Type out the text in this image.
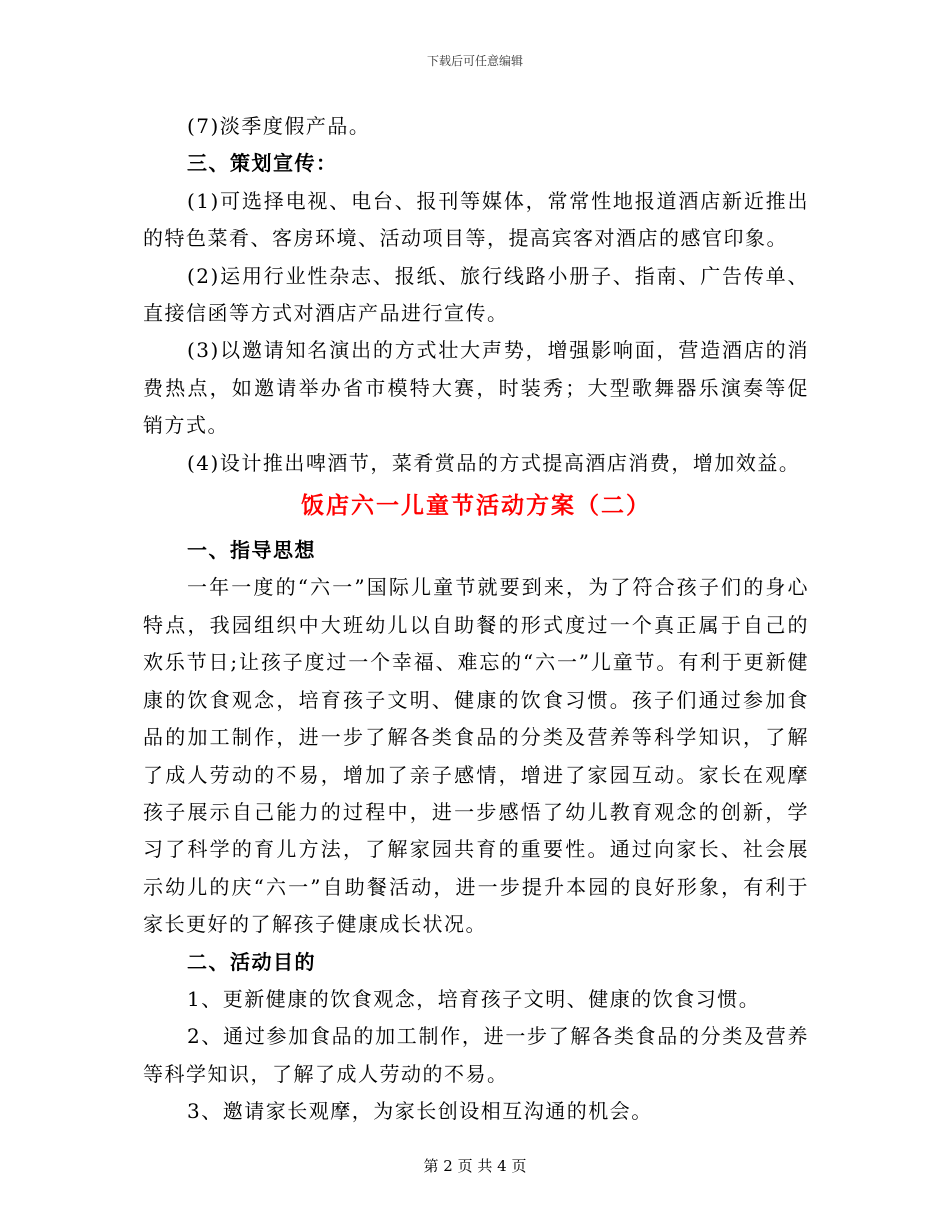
下载后可任意编辑

(7)淡季度假产品。

三、策划宣传：

(1)可选择电视、电台、报刊等媒体，常常性地报道酒店新近推出的特色菜肴、客房环境、活动项目等，提高宾客对酒店的感官印象。

(2)运用行业性杂志、报纸、旅行线路小册子、指南、广告传单、直接信函等方式对酒店产品进行宣传。

(3)以邀请知名演出的方式壮大声势，增强影响面，营造酒店的消费热点，如邀请举办省市模特大赛，时装秀；大型歌舞器乐演奏等促销方式。

(4)设计推出啤酒节，菜肴赏品的方式提高酒店消费，增加效益。

饭店六一儿童节活动方案（二）

一、指导思想

一年一度的“六一”国际儿童节就要到来，为了符合孩子们的身心特点，我园组织中大班幼儿以自助餐的形式度过一个真正属于自己的欢乐节日;让孩子度过一个幸福、难忘的“六一”儿童节。有利于更新健康的饮食观念，培育孩子文明、健康的饮食习惯。孩子们通过参加食品的加工制作，进一步了解各类食品的分类及营养等科学知识，了解了成人劳动的不易，增加了亲子感情，增进了家园互动。家长在观摩孩子展示自己能力的过程中，进一步感悟了幼儿教育观念的创新，学习了科学的育儿方法，了解家园共育的重要性。通过向家长、社会展示幼儿的庆“六一”自助餐活动，进一步提升本园的良好形象，有利于家长更好的了解孩子健康成长状况。

二、活动目的

1、更新健康的饮食观念，培育孩子文明、健康的饮食习惯。

2、通过参加食品的加工制作，进一步了解各类食品的分类及营养等科学知识，了解了成人劳动的不易。

3、邀请家长观摩，为家长创设相互沟通的机会。

第 2 页 共 4 页
